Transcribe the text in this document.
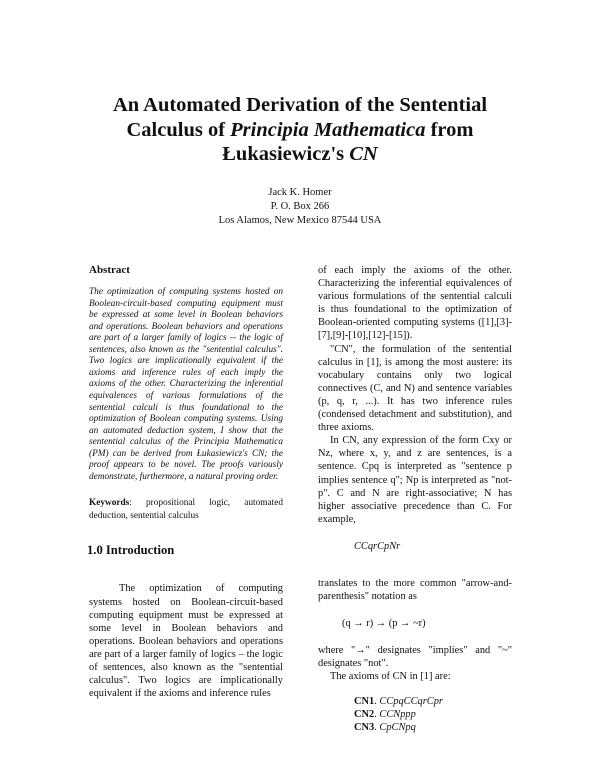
An Automated Derivation of the Sentential
Calculus of Principia Mathematica from
Łukasiewicz's CN
Jack K. Homer
P. O. Box 266
Los Alamos, New Mexico 87544 USA
Abstract

The optimization of computing systems hosted on Boolean-circuit-based computing equipment must be expressed at some level in Boolean behaviors and operations. Boolean behaviors and operations are part of a larger family of logics -- the logic of sentences, also known as the "sentential calculus". Two logics are implicationally equivalent if the axioms and inference rules of each imply the axioms of the other. Characterizing the inferential equivalences of various formulations of the sentential calculi is thus foundational to the optimization of Boolean computing systems. Using an automated deduction system, I show that the sentential calculus of the Principia Mathematica (PM) can be derived from Łukasiewicz's CN; the proof appears to be novel. The proofs variously demonstrate, furthermore, a natural proving order.

Keywords: propositional logic, automated deduction, sentential calculus

1.0 Introduction

The optimization of computing systems hosted on Boolean-circuit-based computing equipment must be expressed at some level in Boolean behaviors and operations. Boolean behaviors and operations are part of a larger family of logics – the logic of sentences, also known as the "sentential calculus". Two logics are implicationally equivalent if the axioms and inference rules

of each imply the axioms of the other. Characterizing the inferential equivalences of various formulations of the sentential calculi is thus foundational to the optimization of Boolean-oriented computing systems ([1],[3]-[7],[9]-[10],[12]-[15]).

"CN", the formulation of the sentential calculus in [1], is among the most austere: its vocabulary contains only two logical connectives (C, and N) and sentence variables (p, q, r, ...). It has two inference rules (condensed detachment and substitution), and three axioms.

In CN, any expression of the form Cxy or Nz, where x, y, and z are sentences, is a sentence. Cpq is interpreted as "sentence p implies sentence q"; Np is interpreted as "not-p". C and N are right-associative; N has higher associative precedence than C. For example,

CCqrCpNr

translates to the more common "arrow-and-parenthesis" notation as

(q → r) → (p → ~r)

where "→" designates "implies" and "~" designates "not".

The axioms of CN in [1] are:

CN1. CCpqCCqrCpr
CN2. CCNppp
CN3. CpCNpq
